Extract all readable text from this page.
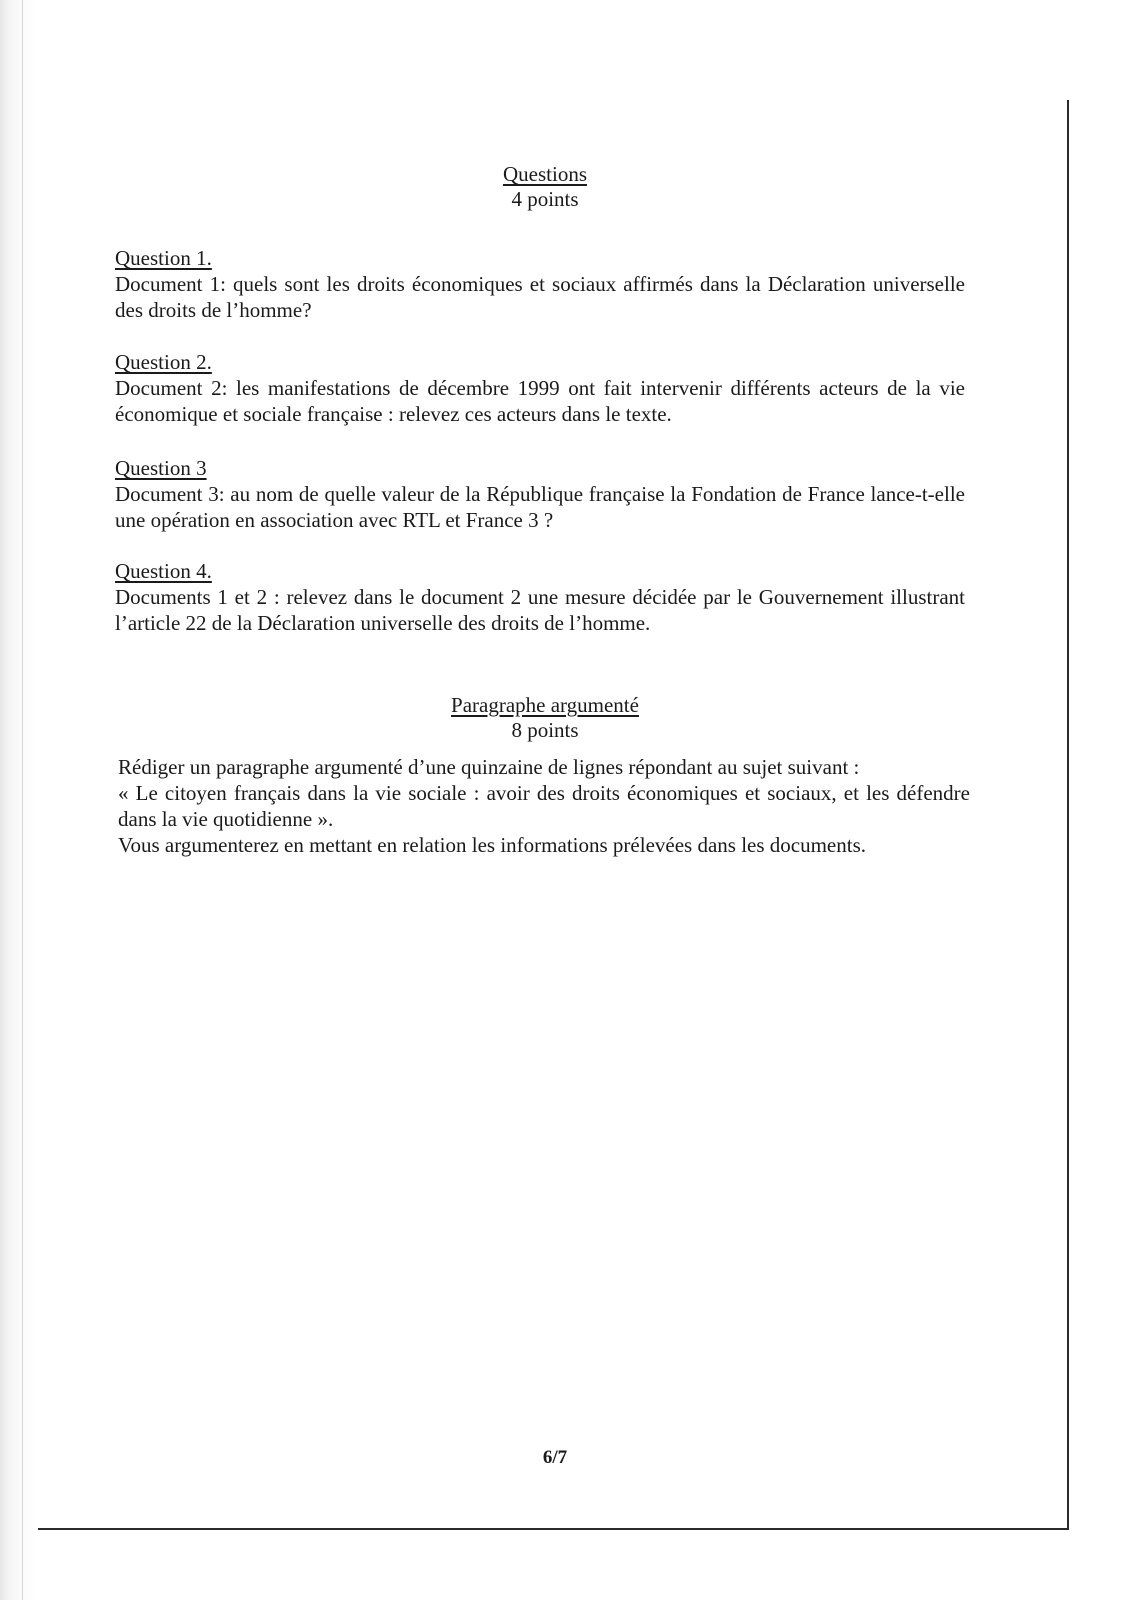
Questions
4 points
Question 1.
Document 1: quels sont les droits économiques et sociaux affirmés dans la Déclaration universelle des droits de l’homme?
Question 2.
Document 2: les manifestations de décembre 1999 ont fait intervenir différents acteurs de la vie économique et sociale française : relevez ces acteurs dans le texte.
Question 3
Document 3: au nom de quelle valeur de la République française la Fondation de France lance-t-elle une opération en association avec RTL et France 3 ?
Question 4.
Documents 1 et 2 : relevez dans le document 2 une mesure décidée par le Gouvernement illustrant l’article 22 de la Déclaration universelle des droits de l’homme.
Paragraphe argumenté
8 points

Rédiger un paragraphe argumenté d’une quinzaine de lignes répondant au sujet suivant :

« Le citoyen français dans la vie sociale : avoir des droits économiques et sociaux, et les défendre dans la vie quotidienne ».

Vous argumenterez en mettant en relation les informations prélevées dans les documents.

6/7
